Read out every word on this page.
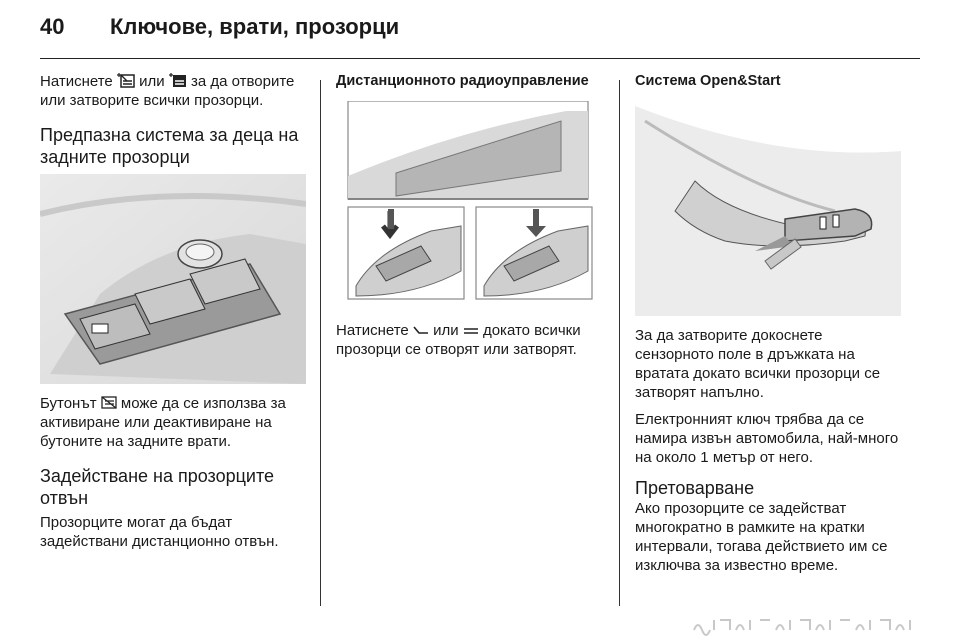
40 Ключове, врати, прозорци

Натиснете  или  за да отворите или затворите всички прозорци.

Предпазна система за деца на задните прозорци

Бутонът  може да се използва за активиране или деактивиране на бутоните на задните врати.

Задействане на прозорците отвън

Прозорците могат да бъдат задействани дистанционно отвън.

Дистанционното радиоуправление

Натиснете  или  докато всички прозорци се отворят или затворят.

Система Open&Start

За да затворите докоснете сензорното поле в дръжката на вратата докато всички прозорци се затворят напълно.

Електронният ключ трябва да се намира извън автомобила, най-много на около 1 метър от него.

Претоварване

Ако прозорците се задействат многократно в рамките на кратки интервали, тогава действието им се изключва за известно време.
